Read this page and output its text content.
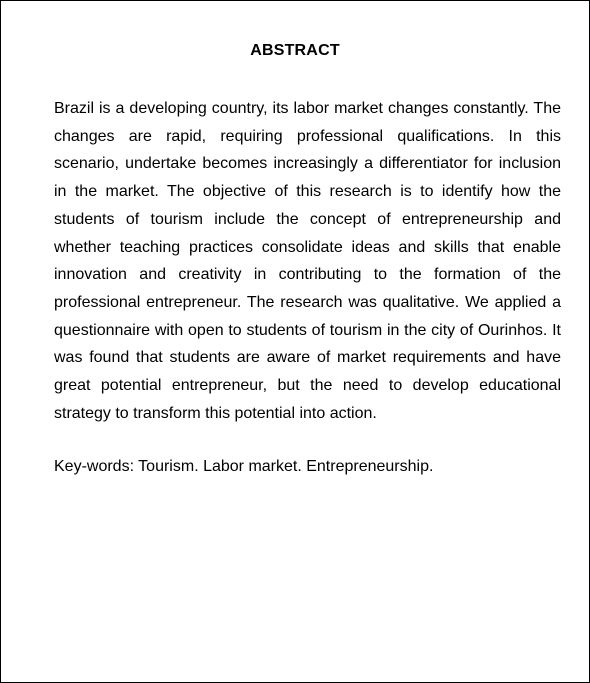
ABSTRACT

Brazil is a developing country, its labor market changes constantly. The changes are rapid, requiring professional qualifications. In this scenario, undertake becomes increasingly a differentiator for inclusion in the market. The objective of this research is to identify how the students of tourism include the concept of entrepreneurship and whether teaching practices consolidate ideas and skills that enable innovation and creativity in contributing to the formation of the professional entrepreneur. The research was qualitative. We applied a questionnaire with open to students of tourism in the city of Ourinhos. It was found that students are aware of market requirements and have great potential entrepreneur, but the need to develop educational strategy to transform this potential into action.

Key-words: Tourism. Labor market. Entrepreneurship.
